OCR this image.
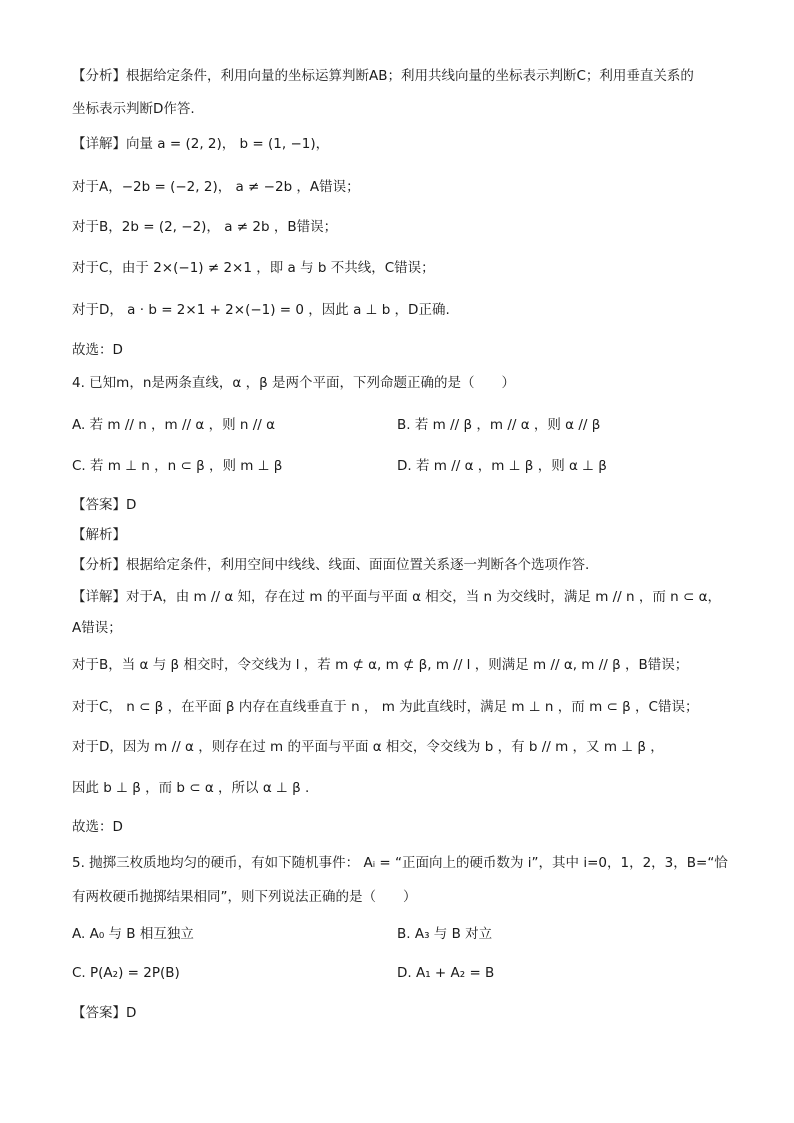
【分析】根据给定条件，利用向量的坐标运算判断AB；利用共线向量的坐标表示判断C；利用垂直关系的
坐标表示判断D作答.
【详解】向量 a = (2, 2)， b = (1, −1)，
对于A，−2b = (−2, 2)， a ≠ −2b ，A错误；
对于B，2b = (2, −2)， a ≠ 2b ，B错误；
对于C，由于 2×(−1) ≠ 2×1 ，即 a 与 b 不共线，C错误；
对于D， a · b = 2×1 + 2×(−1) = 0 ，因此 a ⊥ b ，D正确.
故选：D
4. 已知m，n是两条直线，α ，β 是两个平面，下列命题正确的是（　　）
A. 若 m // n ，m // α ，则 n // α	B. 若 m // β ，m // α ，则 α // β
C. 若 m ⊥ n ，n ⊂ β ，则 m ⊥ β	D. 若 m // α ，m ⊥ β ，则 α ⊥ β
【答案】D
【解析】
【分析】根据给定条件，利用空间中线线、线面、面面位置关系逐一判断各个选项作答.
【详解】对于A，由 m // α 知，存在过 m 的平面与平面 α 相交，当 n 为交线时，满足 m // n ，而 n ⊂ α，
A错误；
对于B，当 α 与 β 相交时，令交线为 l ，若 m ⊄ α, m ⊄ β, m // l ，则满足 m // α, m // β ，B错误；
对于C， n ⊂ β ，在平面 β 内存在直线垂直于 n ， m 为此直线时，满足 m ⊥ n ，而 m ⊂ β ，C错误；
对于D，因为 m // α ，则存在过 m 的平面与平面 α 相交，令交线为 b ，有 b // m ，又 m ⊥ β ，
因此 b ⊥ β ，而 b ⊂ α ，所以 α ⊥ β .
故选：D
5. 抛掷三枚质地均匀的硬币，有如下随机事件： Aᵢ = “正面向上的硬币数为 i”，其中 i=0，1，2，3，B=“恰
有两枚硬币抛掷结果相同”，则下列说法正确的是（　　）
A. A₀ 与 B 相互独立	B. A₃ 与 B 对立
C. P(A₂) = 2P(B)	D. A₁ + A₂ = B
【答案】D
